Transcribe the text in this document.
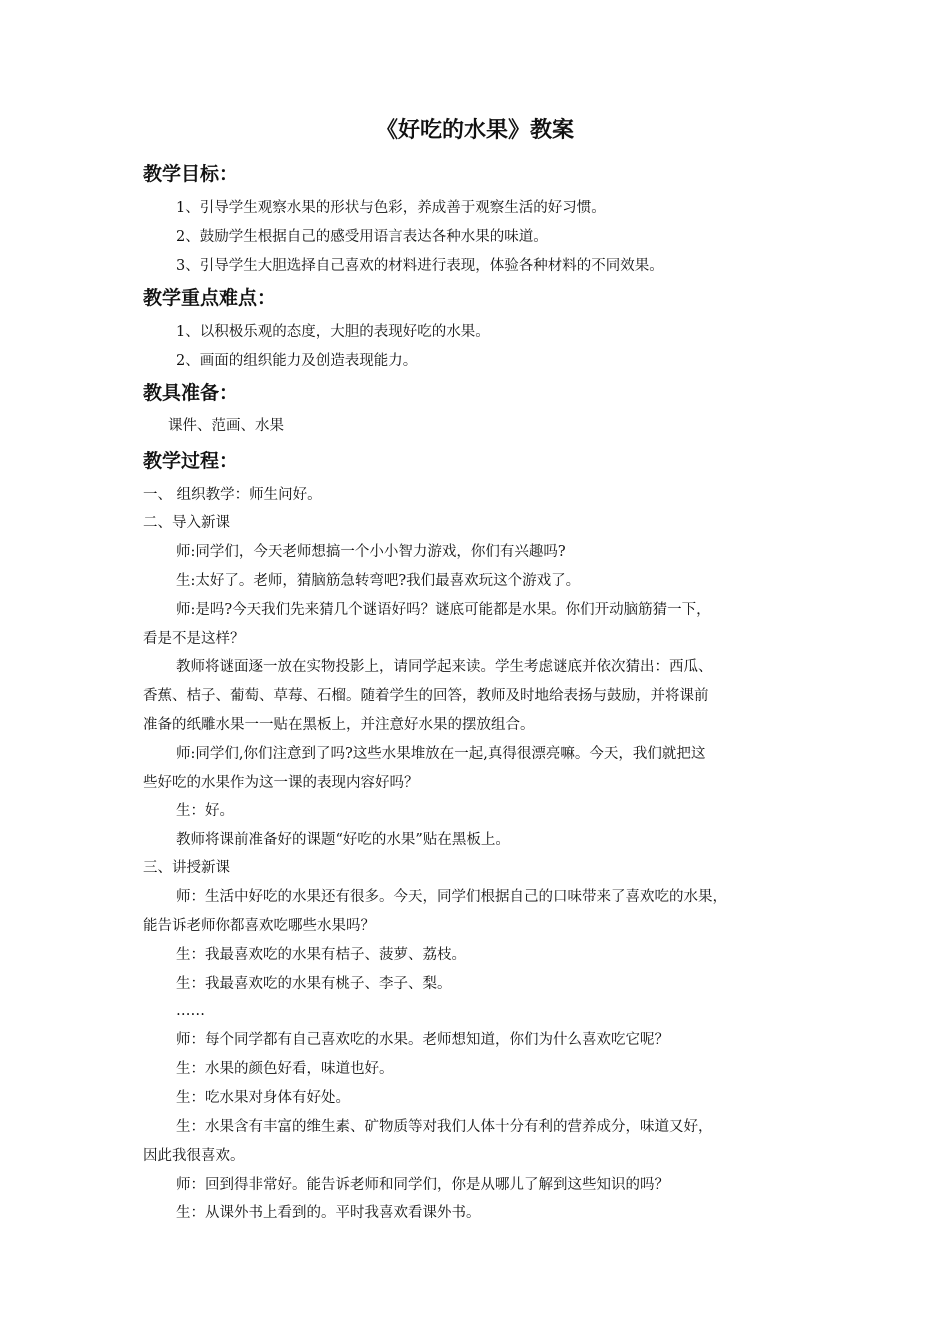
《好吃的水果》教案
教学目标：
1、引导学生观察水果的形状与色彩，养成善于观察生活的好习惯。
2、鼓励学生根据自己的感受用语言表达各种水果的味道。
3、引导学生大胆选择自己喜欢的材料进行表现，体验各种材料的不同效果。
教学重点难点：
1、以积极乐观的态度，大胆的表现好吃的水果。
2、画面的组织能力及创造表现能力。
教具准备：
课件、范画、水果
教学过程：
一、 组织教学：师生问好。
二、导入新课
师:同学们，今天老师想搞一个小小智力游戏，你们有兴趣吗?
生:太好了。老师，猜脑筋急转弯吧?我们最喜欢玩这个游戏了。
师:是吗?今天我们先来猜几个谜语好吗？谜底可能都是水果。你们开动脑筋猜一下，
看是不是这样？
教师将谜面逐一放在实物投影上，请同学起来读。学生考虑谜底并依次猜出：西瓜、
香蕉、桔子、葡萄、草莓、石榴。随着学生的回答，教师及时地给表扬与鼓励，并将课前
准备的纸雕水果一一贴在黑板上，并注意好水果的摆放组合。
师:同学们,你们注意到了吗?这些水果堆放在一起,真得很漂亮嘛。今天，我们就把这
些好吃的水果作为这一课的表现内容好吗？
生：好。
教师将课前准备好的课题“好吃的水果”贴在黑板上。
三、讲授新课
师：生活中好吃的水果还有很多。今天，同学们根据自己的口味带来了喜欢吃的水果，
能告诉老师你都喜欢吃哪些水果吗？
生：我最喜欢吃的水果有桔子、菠萝、荔枝。
生：我最喜欢吃的水果有桃子、李子、梨。
……
师：每个同学都有自己喜欢吃的水果。老师想知道，你们为什么喜欢吃它呢？
生：水果的颜色好看，味道也好。
生：吃水果对身体有好处。
生：水果含有丰富的维生素、矿物质等对我们人体十分有利的营养成分，味道又好，
因此我很喜欢。
师：回到得非常好。能告诉老师和同学们，你是从哪儿了解到这些知识的吗？
生：从课外书上看到的。平时我喜欢看课外书。
